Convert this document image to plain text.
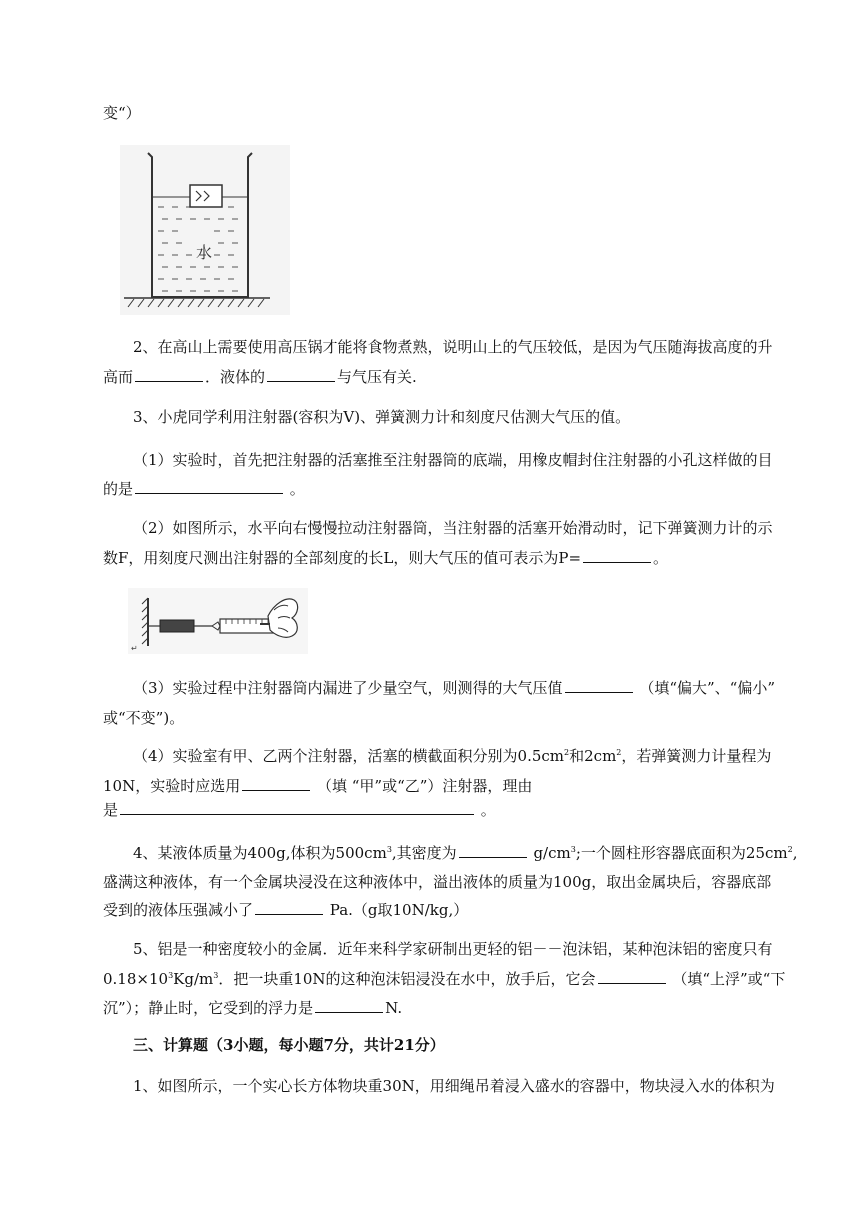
变“）
水
2、在高山上需要使用高压锅才能将食物煮熟，说明山上的气压较低，是因为气压随海拔高度的升
高而	．液体的	与气压有关.
3、小虎同学利用注射器(容积为V)、弹簧测力计和刻度尺估测大气压的值。
（1）实验时，首先把注射器的活塞推至注射器筒的底端，用橡皮帽封住注射器的小孔这样做的目
的是	。
（2）如图所示，水平向右慢慢拉动注射器筒，当注射器的活塞开始滑动时，记下弹簧测力计的示
数F，用刻度尺测出注射器的全部刻度的长L，则大气压的值可表示为P=	。
↵
（3）实验过程中注射器筒内漏进了少量空气，则测得的大气压值	（填“偏大”、“偏小”
或“不变”)。
（4）实验室有甲、乙两个注射器，活塞的横截面积分别为$0.5cm^2$和$2cm^2$，若弹簧测力计量程为
10N，实验时应选用	（填 “甲”或“乙”）注射器，理由
是	。
4、某液体质量为400g,体积为$500cm^3$,其密度为	$g/cm^3$;一个圆柱形容器底面积为$25cm^2$,
盛满这种液体，有一个金属块浸没在这种液体中，溢出液体的质量为100g，取出金属块后，容器底部
受到的液体压强减小了	Pa.（g取10N/kg,）
5、铝是一种密度较小的金属．近年来科学家研制出更轻的铝－－泡沫铝，某种泡沫铝的密度只有
$0.18\times 10^3Kg/m^3$．把一块重10N的这种泡沫铝浸没在水中，放手后，它会	（填“上浮”或“下
沉”）；静止时，它受到的浮力是	N.
三、计算题（3小题，每小题7分，共计21分）
1、如图所示，一个实心长方体物块重30N，用细绳吊着浸入盛水的容器中，物块浸入水的体积为
